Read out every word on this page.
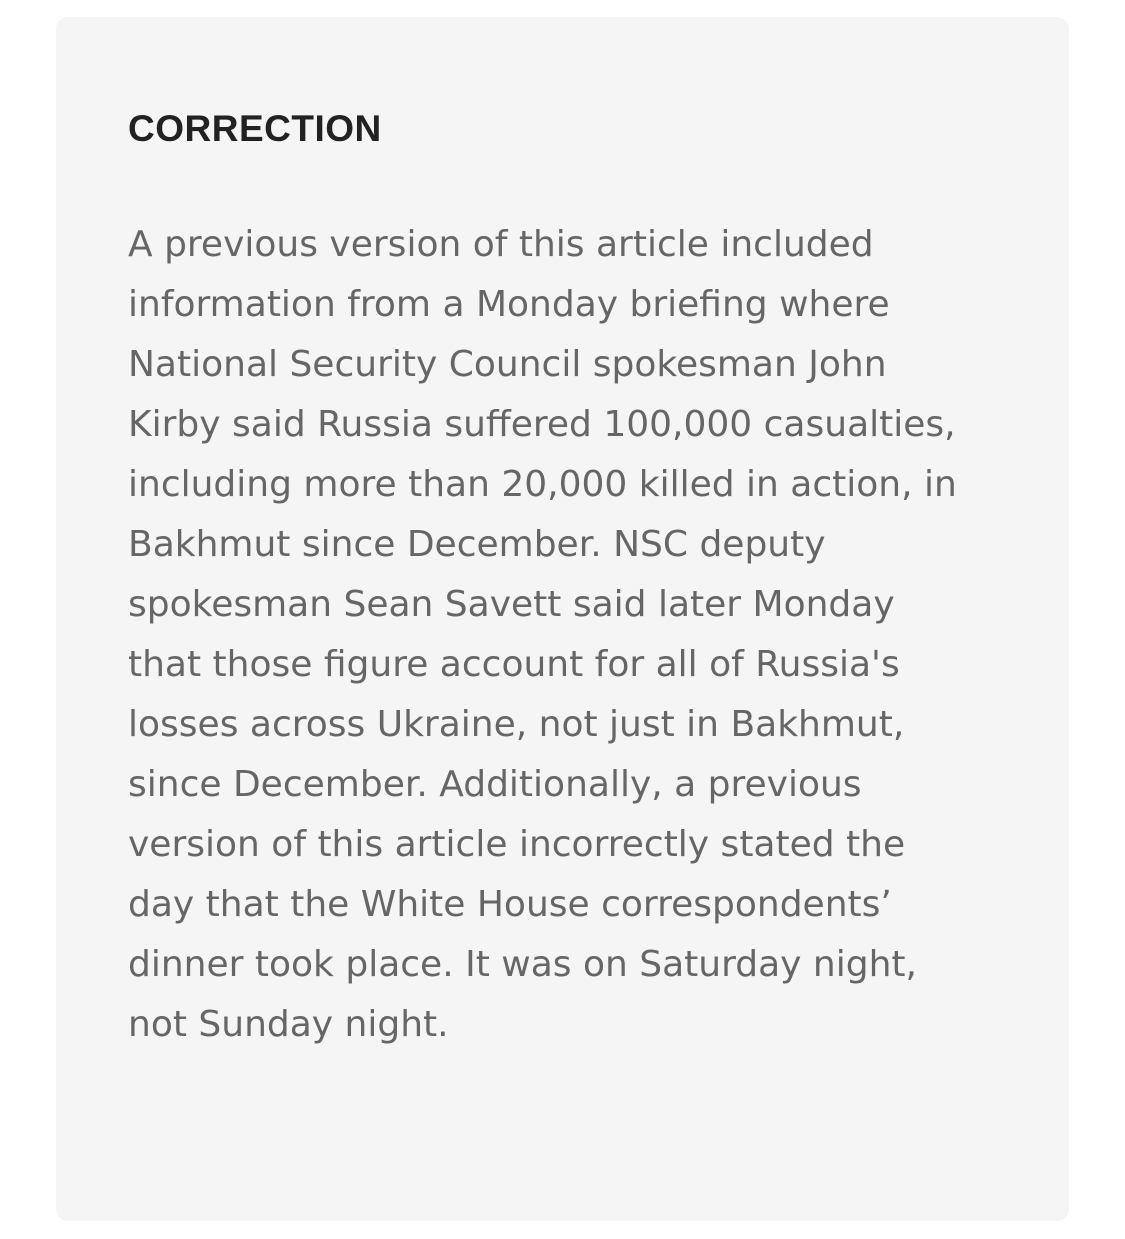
CORRECTION

A previous version of this article included information from a Monday briefing where National Security Council spokesman John Kirby said Russia suffered 100,000 casualties, including more than 20,000 killed in action, in Bakhmut since December. NSC deputy spokesman Sean Savett said later Monday that those figure account for all of Russia's losses across Ukraine, not just in Bakhmut, since December. Additionally, a previous version of this article incorrectly stated the day that the White House correspondents’ dinner took place. It was on Saturday night, not Sunday night.
